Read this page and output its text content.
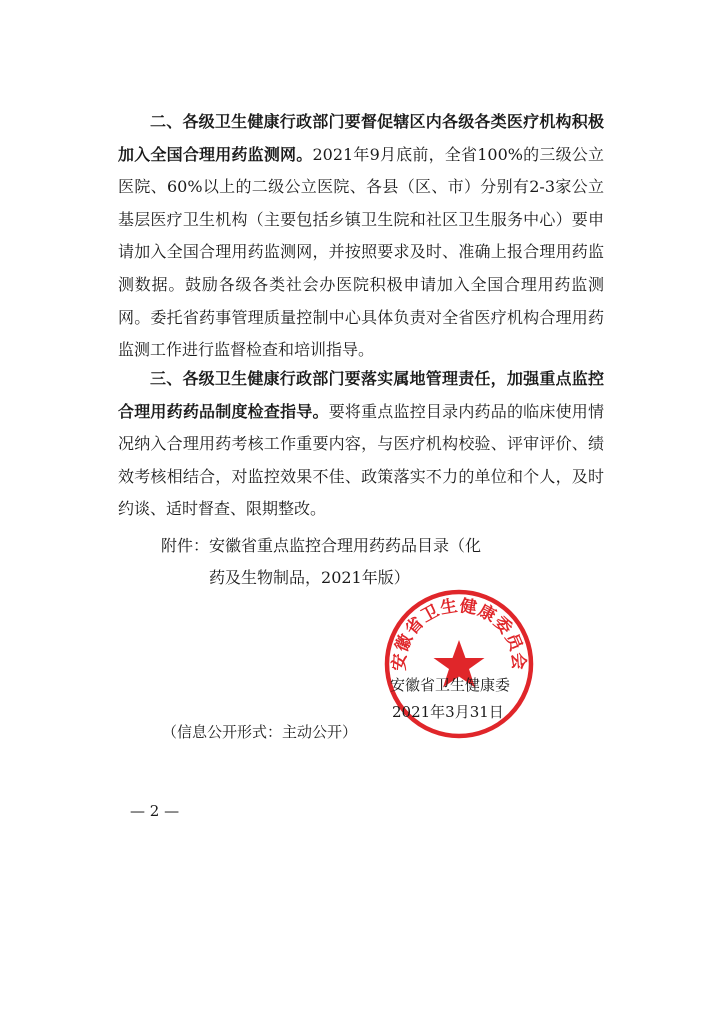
二、各级卫生健康行政部门要督促辖区内各级各类医疗机构积极加入全国合理用药监测网。2021年9月底前，全省100%的三级公立医院、60%以上的二级公立医院、各县（区、市）分别有2-3家公立基层医疗卫生机构（主要包括乡镇卫生院和社区卫生服务中心）要申请加入全国合理用药监测网，并按照要求及时、准确上报合理用药监测数据。鼓励各级各类社会办医院积极申请加入全国合理用药监测网。委托省药事管理质量控制中心具体负责对全省医疗机构合理用药监测工作进行监督检查和培训指导。

三、各级卫生健康行政部门要落实属地管理责任，加强重点监控合理用药药品制度检查指导。要将重点监控目录内药品的临床使用情况纳入合理用药考核工作重要内容，与医疗机构校验、评审评价、绩效考核相结合，对监控效果不佳、政策落实不力的单位和个人，及时约谈、适时督查、限期整改。

附件： 安徽省重点监控合理用药药品目录（化药及生物制品，2021年版）
安徽省卫生健康委员会
安徽省卫生健康委
2021年3月31日
（信息公开形式：主动公开）
— 2 —
